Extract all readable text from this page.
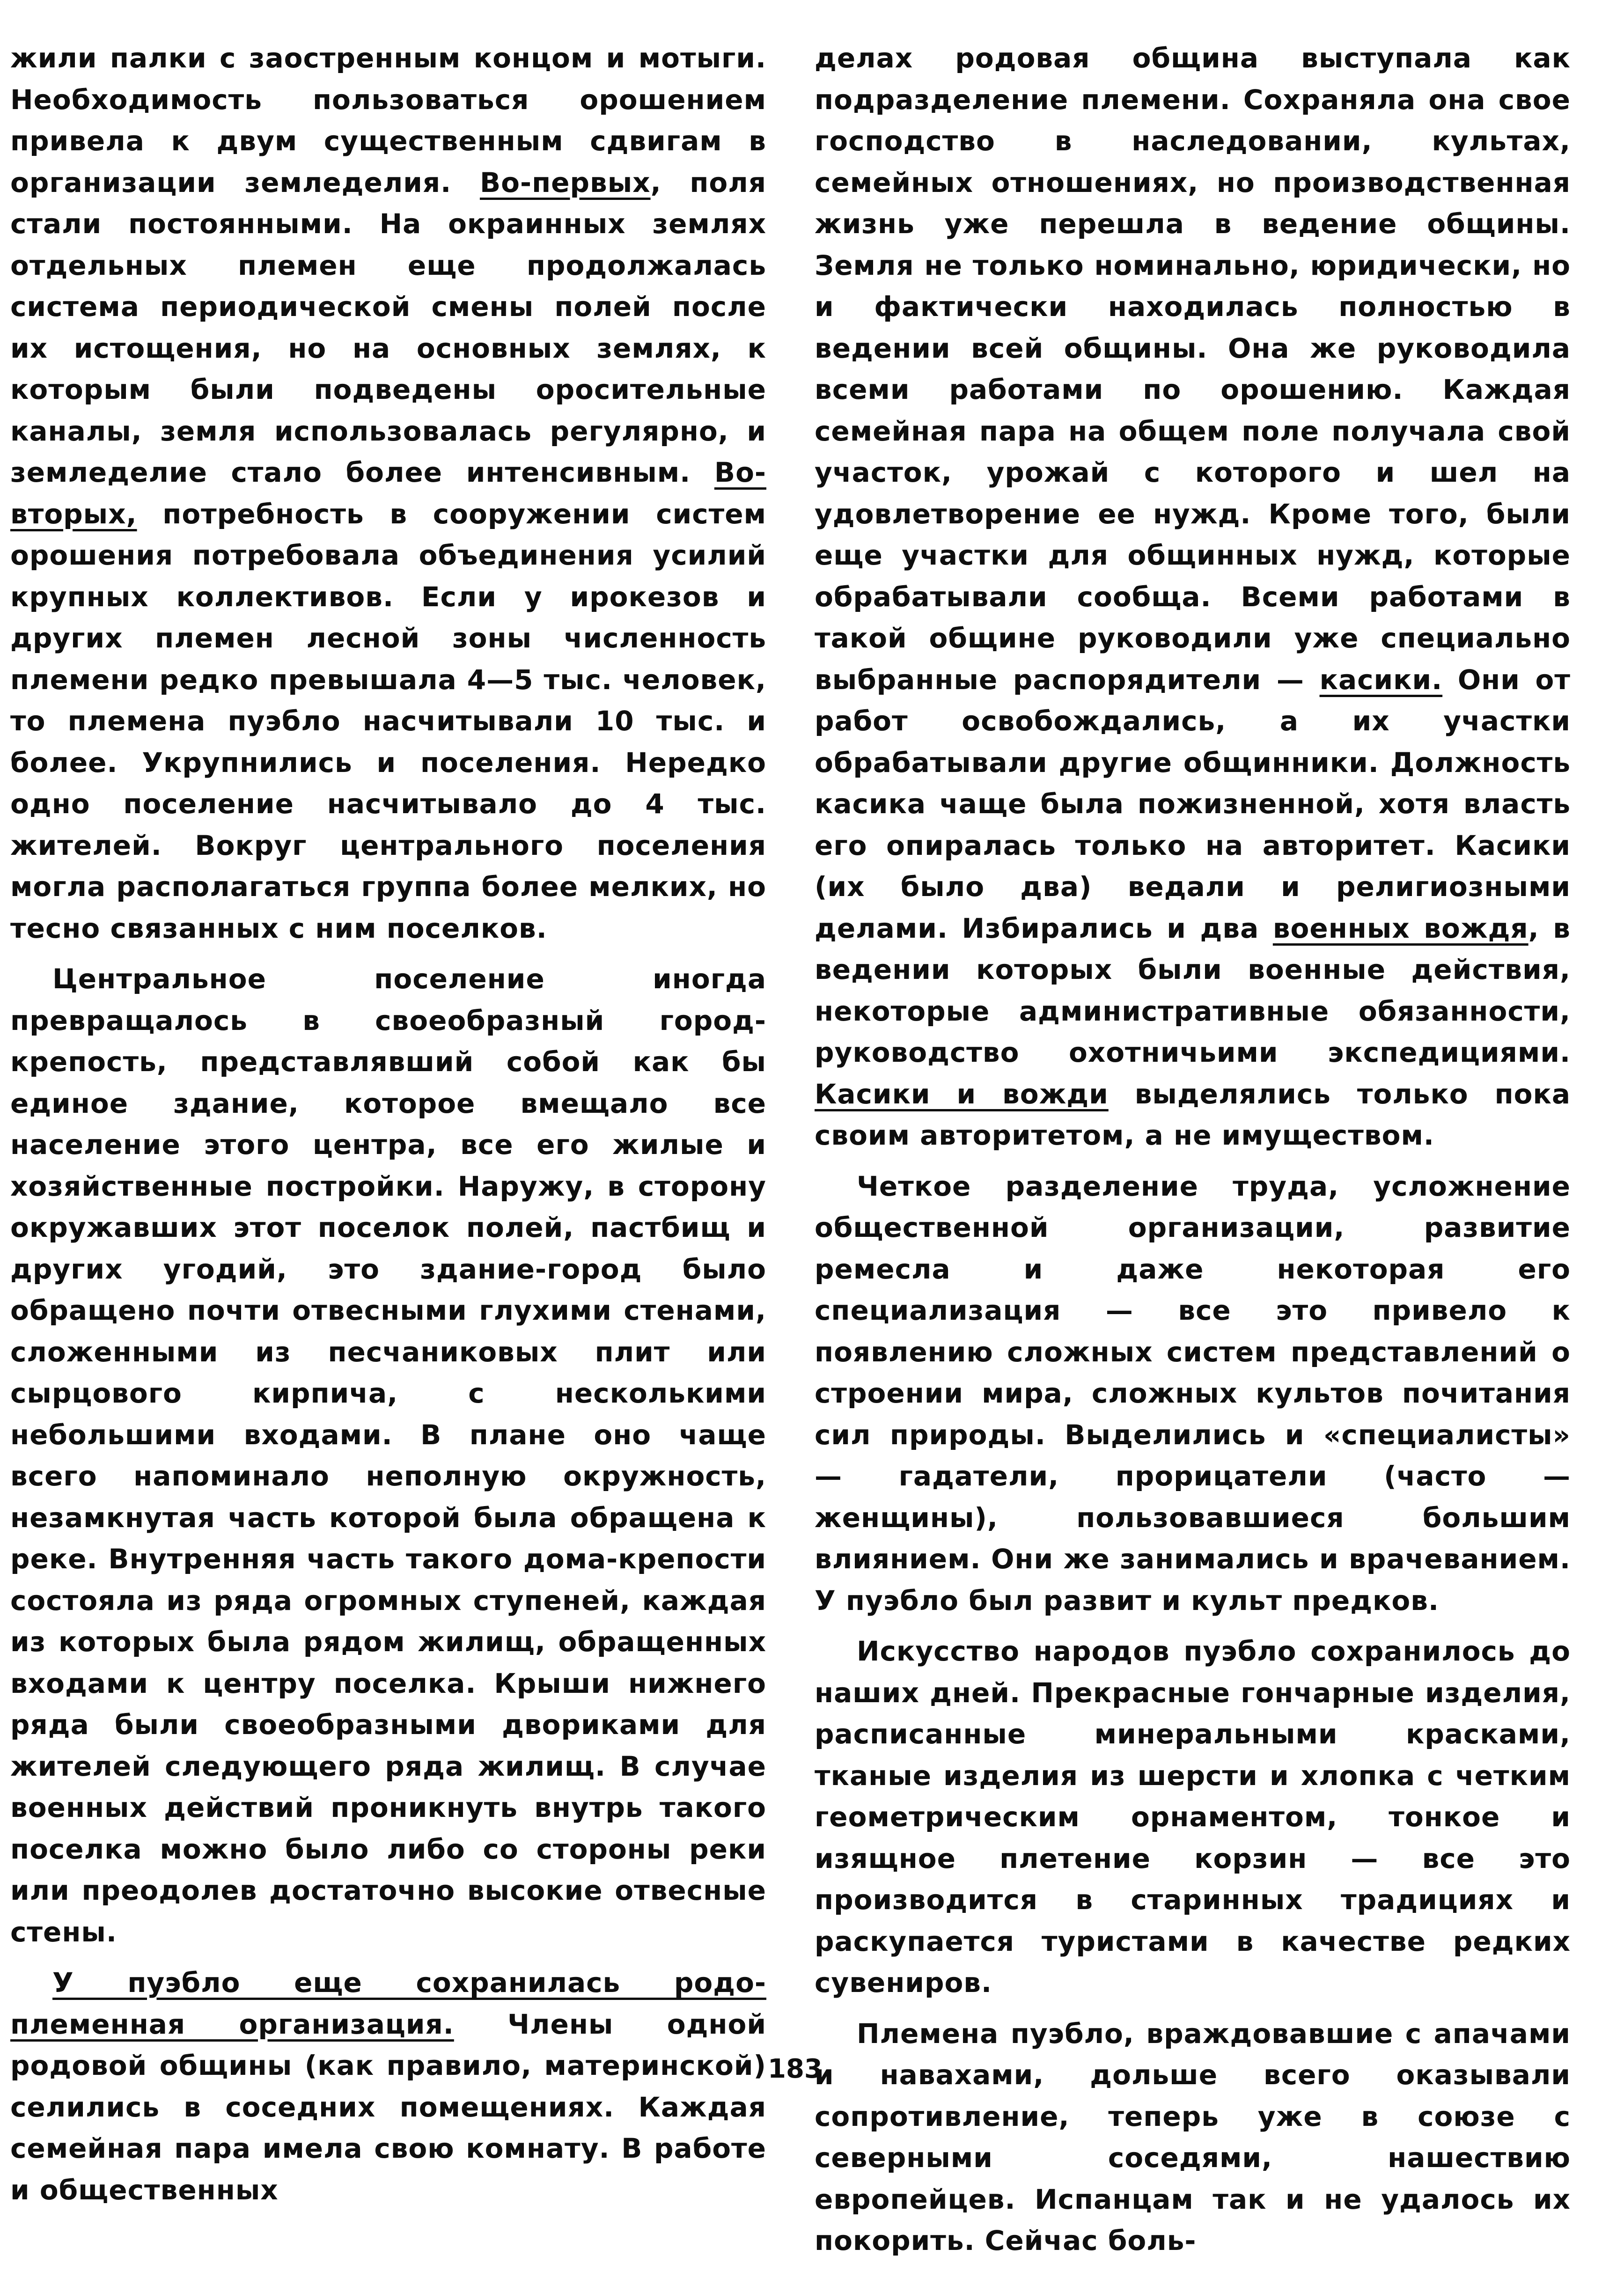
жили палки с заостренным концом и мотыги. Необходимость пользоваться орошением привела к двум существенным сдвигам в организации земледелия. Во-первых, поля стали постоянными. На окраинных землях отдельных племен еще продолжалась система периодической смены полей после их истощения, но на основных землях, к которым были подведены оросительные каналы, земля использовалась регулярно, и земледелие стало более интенсивным. Во-вторых, потребность в сооружении систем орошения потребовала объединения усилий крупных коллективов. Если у ирокезов и других племен лесной зоны численность племени редко превышала 4—5 тыс. человек, то племена пуэбло насчитывали 10 тыс. и более. Укрупнились и поселения. Нередко одно поселение насчитывало до 4 тыс. жителей. Вокруг центрального поселения могла располагаться группа более мелких, но тесно связанных с ним поселков.

Центральное поселение иногда превращалось в своеобразный город-крепость, представлявший собой как бы единое здание, которое вмещало все население этого центра, все его жилые и хозяйственные постройки. Наружу, в сторону окружавших этот поселок полей, пастбищ и других угодий, это здание-город было обращено почти отвесными глухими стенами, сложенными из песчаниковых плит или сырцового кирпича, с несколькими небольшими входами. В плане оно чаще всего напоминало неполную окружность, незамкнутая часть которой была обращена к реке. Внутренняя часть такого дома-крепости состояла из ряда огромных ступеней, каждая из которых была рядом жилищ, обращенных входами к центру поселка. Крыши нижнего ряда были своеобразными двориками для жителей следующего ряда жилищ. В случае военных действий проникнуть внутрь такого поселка можно было либо со стороны реки или преодолев достаточно высокие отвесные стены.

У пуэбло еще сохранилась родо-племенная организация. Члены одной родовой общины (как правило, материнской) селились в соседних помещениях. Каждая семейная пара имела свою комнату. В работе и общественных

делах родовая община выступала как подразделение племени. Сохраняла она свое господство в наследовании, культах, семейных отношениях, но производственная жизнь уже перешла в ведение общины. Земля не только номинально, юридически, но и фактически находилась полностью в ведении всей общины. Она же руководила всеми работами по орошению. Каждая семейная пара на общем поле получала свой участок, урожай с которого и шел на удовлетворение ее нужд. Кроме того, были еще участки для общинных нужд, которые обрабатывали сообща. Всеми работами в такой общине руководили уже специально выбранные распорядители — касики. Они от работ освобождались, а их участки обрабатывали другие общинники. Должность касика чаще была пожизненной, хотя власть его опиралась только на авторитет. Касики (их было два) ведали и религиозными делами. Избирались и два военных вождя, в ведении которых были военные действия, некоторые административные обязанности, руководство охотничьими экспедициями. Касики и вожди выделялись только пока своим авторитетом, а не имуществом.

Четкое разделение труда, усложнение общественной организации, развитие ремесла и даже некоторая его специализация — все это привело к появлению сложных систем представлений о строении мира, сложных культов почитания сил природы. Выделились и «специалисты» — гадатели, прорицатели (часто — женщины), пользовавшиеся большим влиянием. Они же занимались и врачеванием. У пуэбло был развит и культ предков.

Искусство народов пуэбло сохранилось до наших дней. Прекрасные гончарные изделия, расписанные минеральными красками, тканые изделия из шерсти и хлопка с четким геометрическим орнаментом, тонкое и изящное плетение корзин — все это производится в старинных традициях и раскупается туристами в качестве редких сувениров.

Племена пуэбло, враждовавшие с апачами и навахами, дольше всего оказывали сопротивление, теперь уже в союзе с северными соседями, нашествию европейцев. Испанцам так и не удалось их покорить. Сейчас боль-

183
